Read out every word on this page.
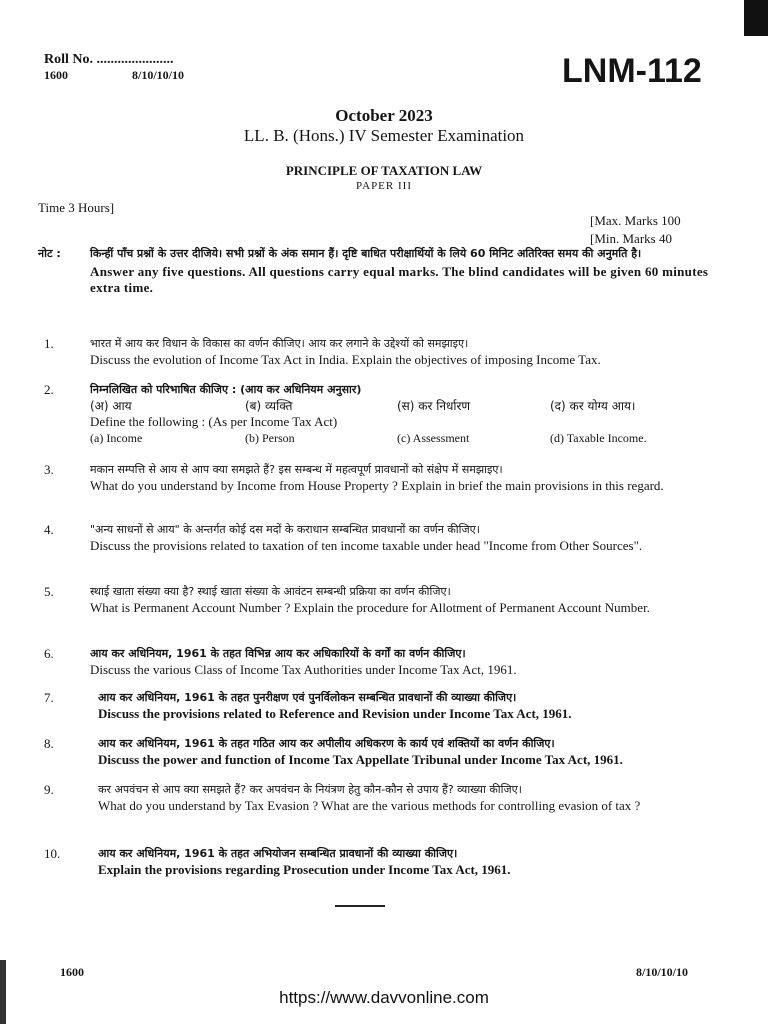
Roll No. ......................
1600	8/10/10/10	LNM-112
October 2023
LL. B. (Hons.) IV Semester Examination
PRINCIPLE OF TAXATION LAW
PAPER III
Time 3 Hours]
[Max. Marks 100
[Min. Marks 40
नोट :	किन्हीं पाँच प्रश्नों के उत्तर दीजिये। सभी प्रश्नों के अंक समान हैं। दृष्टि बाधित परीक्षार्थियों के लिये 60 मिनिट अतिरिक्त समय की अनुमति है।
Answer any five questions. All questions carry equal marks. The blind candidates will be given 60 minutes extra time.
1.	भारत में आय कर विधान के विकास का वर्णन कीजिए। आय कर लगाने के उद्देश्यों को समझाइए।
Discuss the evolution of Income Tax Act in India. Explain the objectives of imposing Income Tax.
2.	निम्नलिखित को परिभाषित कीजिए : (आय कर अधिनियम अनुसार)
(अ) आय	(ब) व्यक्ति	(स) कर निर्धारण	(द) कर योग्य आय।
Define the following : (As per Income Tax Act)
(a) Income	(b) Person	(c) Assessment	(d) Taxable Income.
3.	मकान सम्पत्ति से आय से आप क्या समझते हैं? इस सम्बन्ध में महत्वपूर्ण प्रावधानों को संक्षेप में समझाइए।
What do you understand by Income from House Property ? Explain in brief the main provisions in this regard.
4.	"अन्य साधनों से आय" के अन्तर्गत कोई दस मदों के कराधान सम्बन्धित प्रावधानों का वर्णन कीजिए।
Discuss the provisions related to taxation of ten income taxable under head "Income from Other Sources".
5.	स्थाई खाता संख्या क्या है? स्थाई खाता संख्या के आवंटन सम्बन्धी प्रक्रिया का वर्णन कीजिए।
What is Permanent Account Number ? Explain the procedure for Allotment of Permanent Account Number.
6.	आय कर अधिनियम, 1961 के तहत विभिन्न आय कर अधिकारियों के वर्गों का वर्णन कीजिए।
Discuss the various Class of Income Tax Authorities under Income Tax Act, 1961.
7.	आय कर अधिनियम, 1961 के तहत पुनरीक्षण एवं पुनर्विलोकन सम्बन्धित प्रावधानों की व्याख्या कीजिए।
Discuss the provisions related to Reference and Revision under Income Tax Act, 1961.
8.	आय कर अधिनियम, 1961 के तहत गठित आय कर अपीलीय अधिकरण के कार्य एवं शक्तियों का वर्णन कीजिए।
Discuss the power and function of Income Tax Appellate Tribunal under Income Tax Act, 1961.
9.	कर अपवंचन से आप क्या समझते हैं? कर अपवंचन के नियंत्रण हेतु कौन-कौन से उपाय हैं? व्याख्या कीजिए।
What do you understand by Tax Evasion ? What are the various methods for controlling evasion of tax ?
10.	आय कर अधिनियम, 1961 के तहत अभियोजन सम्बन्धित प्रावधानों की व्याख्या कीजिए।
Explain the provisions regarding Prosecution under Income Tax Act, 1961.
1600	8/10/10/10
https://www.davvonline.com
